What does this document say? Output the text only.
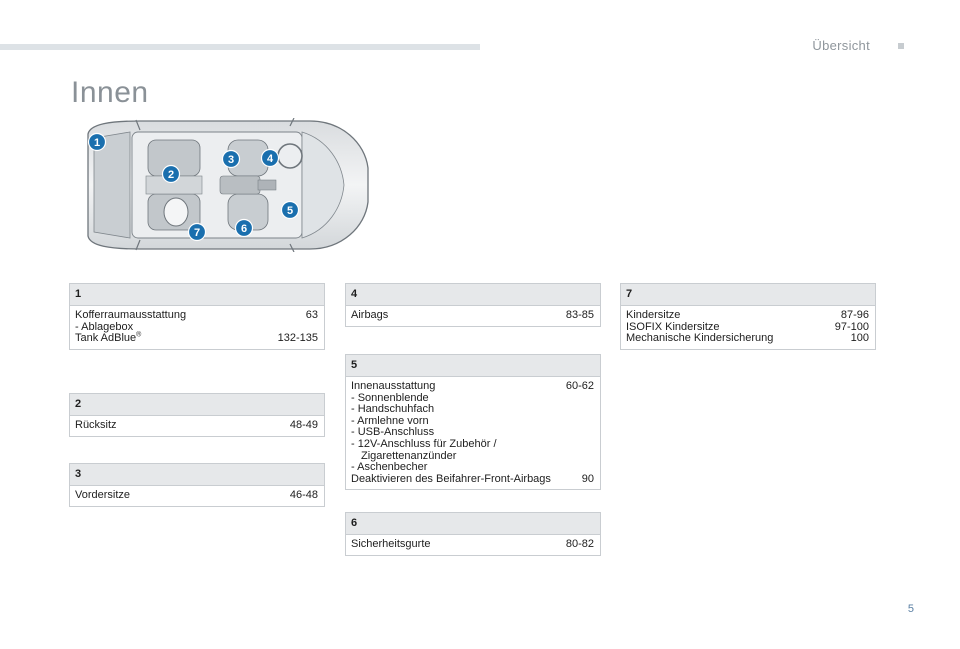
Übersicht
Innen
1
2
3	4
5
6
7
1
Kofferraumausstattung	63
- Ablagebox
Tank AdBlue®	132-135
2
Rücksitz	48-49
3
Vordersitze	46-48
4
Airbags	83-85
5
Innenausstattung	60-62
- Sonnenblende
- Handschuhfach
- Armlehne vorn
- USB-Anschluss
- 12V-Anschluss für Zubehör /
Zigarettenanzünder
- Aschenbecher
Deaktivieren des Beifahrer-Front-Airbags	90
6
Sicherheitsgurte	80-82
7
Kindersitze	87-96
ISOFIX Kindersitze	97-100
Mechanische Kindersicherung	100
5
